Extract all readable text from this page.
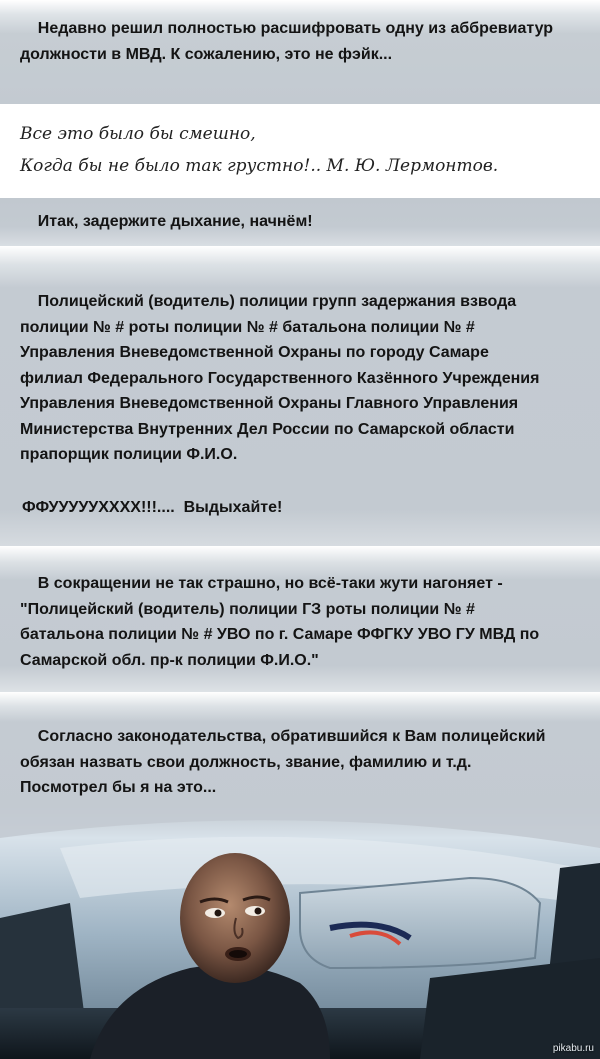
Недавно решил полностью расшифровать одну из аббревиатур
должности в МВД. К сожалению, это не фэйк...
Все это было бы смешно,
Когда бы не было так грустно!.. М. Ю. Лермонтов.
Итак, задержите дыхание, начнём!
Полицейский (водитель) полиции групп задержания взвода
полиции № # роты полиции № # батальона полиции № #
Управления Вневедомственной Охраны по городу Самаре
филиал Федерального Государственного Казённого Учреждения
Управления Вневедомственной Охраны Главного Управления
Министерства Внутренних Дел России по Самарской области
прапорщик полиции Ф.И.О.
ФФУУУУУХХХХ!!!....  Выдыхайте!
В сокращении не так страшно, но всё-таки жути нагоняет -
"Полицейский (водитель) полиции ГЗ роты полиции № #
батальона полиции № # УВО по г. Самаре ФФГКУ УВО ГУ МВД по
Самарской обл. пр-к полиции Ф.И.О."
Согласно законодательства, обратившийся к Вам полицейский
обязан назвать свои должность, звание, фамилию и т.д.
Посмотрел бы я на это...
pikabu.ru
